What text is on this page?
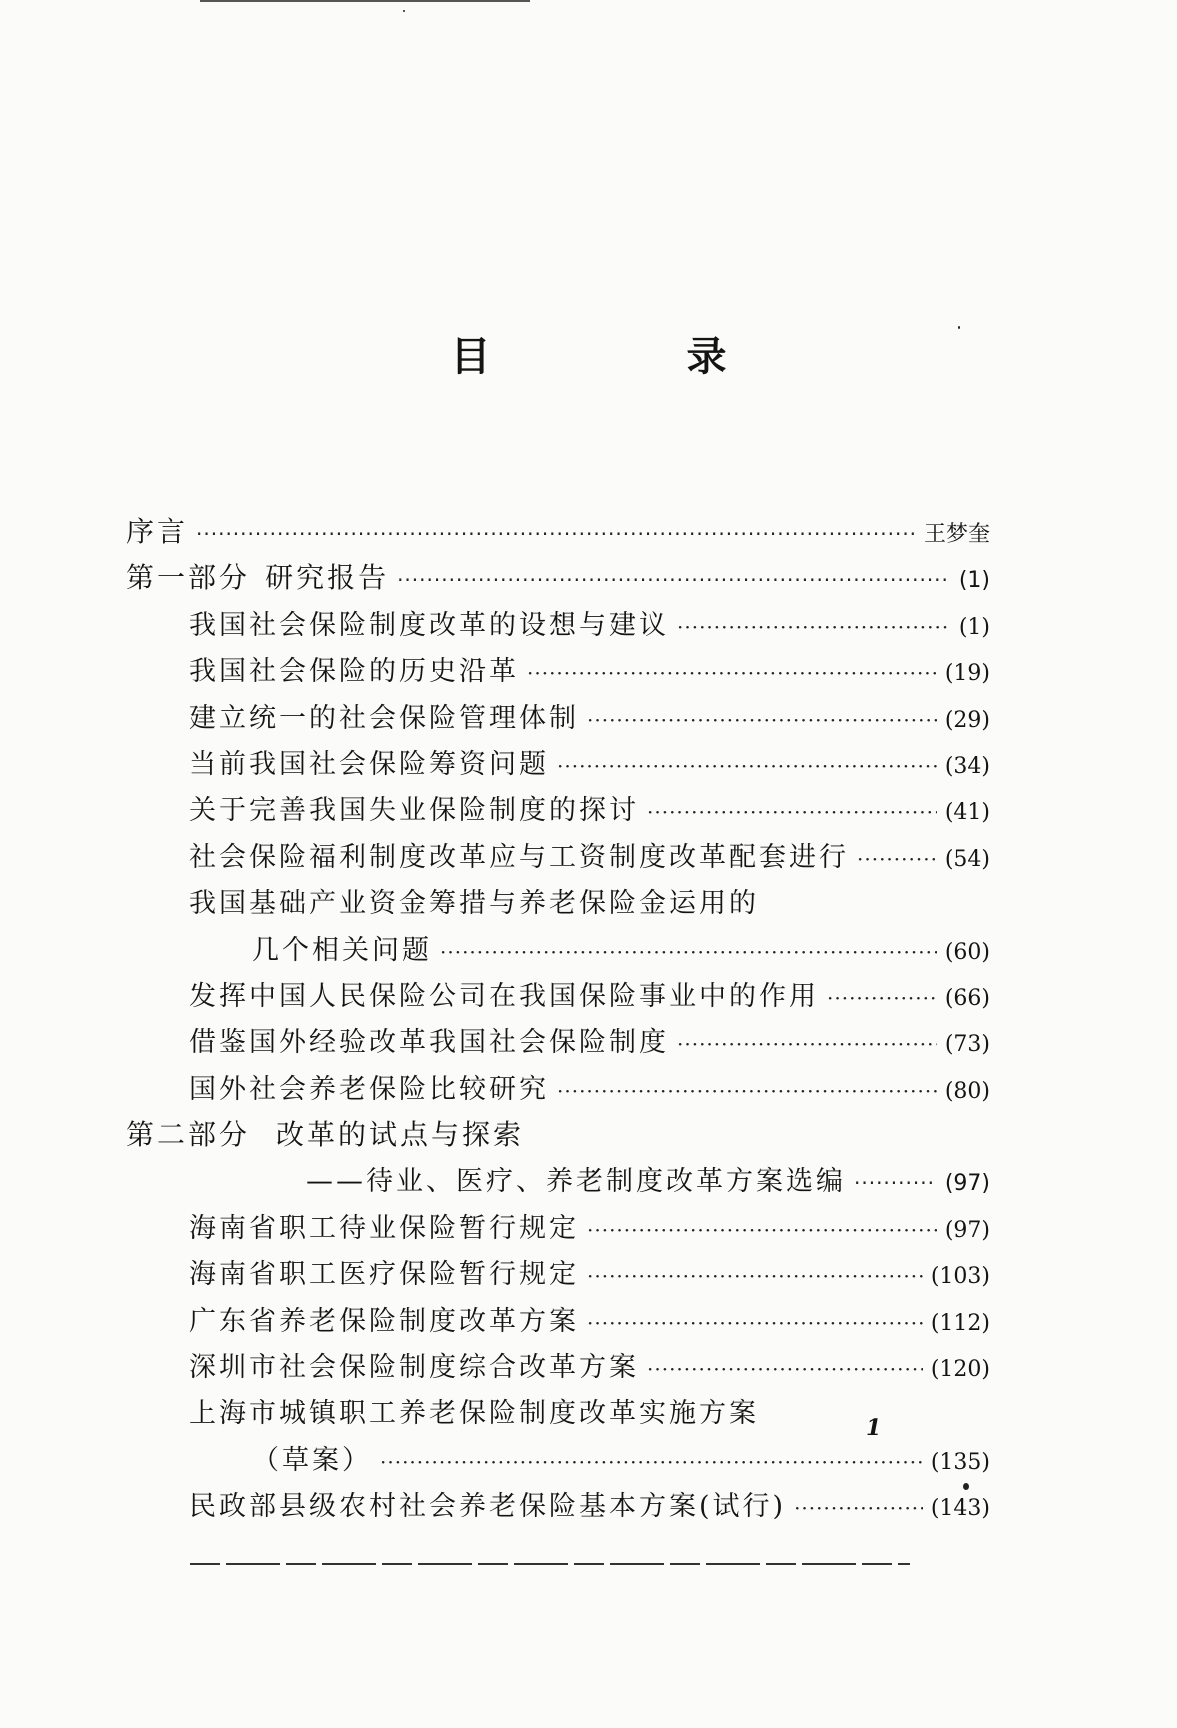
目　录
序言 ·····	王梦奎
第一部分 研究报告 ·····	(1)
我国社会保险制度改革的设想与建议 ·····	(1)
我国社会保险的历史沿革 ·····	(19)
建立统一的社会保险管理体制 ·····	(29)
当前我国社会保险筹资问题 ·····	(34)
关于完善我国失业保险制度的探讨 ·····	(41)
社会保险福利制度改革应与工资制度改革配套进行 ·····	(54)
我国基础产业资金筹措与养老保险金运用的
几个相关问题 ·····	(60)
发挥中国人民保险公司在我国保险事业中的作用 ·····	(66)
借鉴国外经验改革我国社会保险制度 ·····	(73)
国外社会养老保险比较研究 ·····	(80)
第二部分 改革的试点与探索
——待业、医疗、养老制度改革方案选编 ·····	(97)
海南省职工待业保险暂行规定 ·····	(97)
海南省职工医疗保险暂行规定 ·····	(103)
广东省养老保险制度改革方案 ·····	(112)
深圳市社会保险制度综合改革方案 ·····	(120)
上海市城镇职工养老保险制度改革实施方案
（草案） ·····	(135)
民政部县级农村社会养老保险基本方案(试行) ·····	(143)
1
